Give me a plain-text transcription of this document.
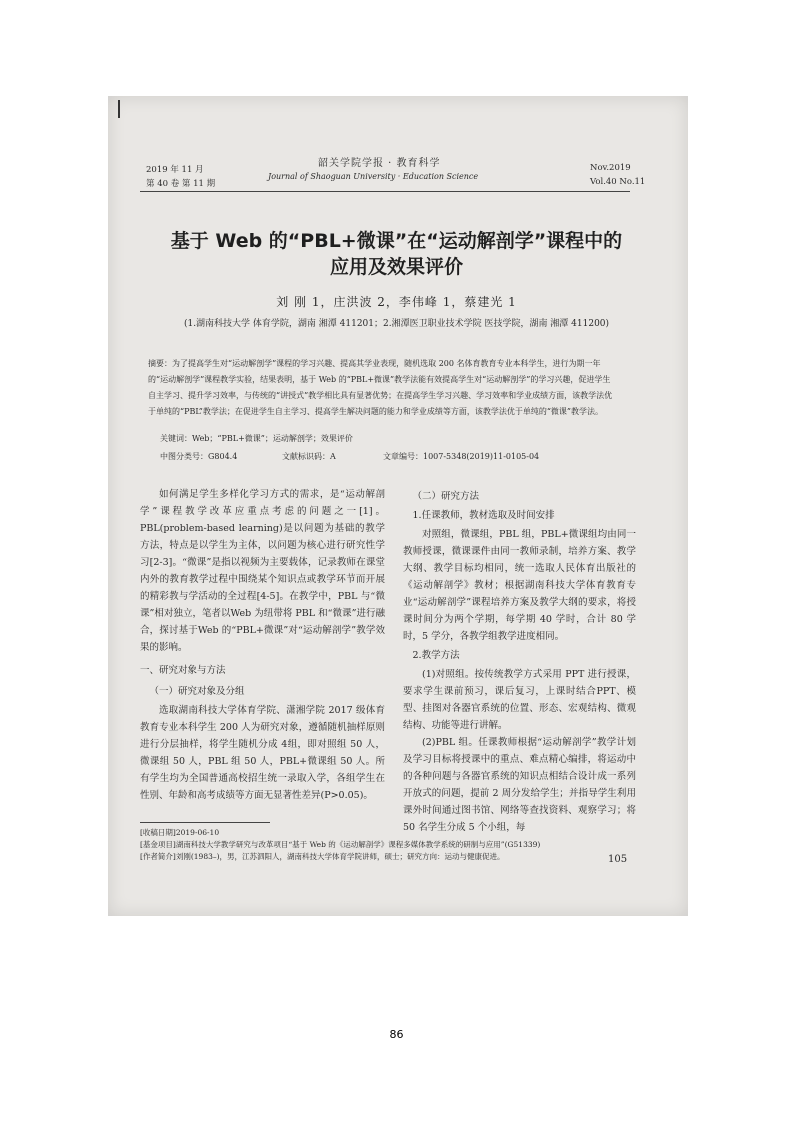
2019 年 11 月
第 40 卷 第 11 期
韶关学院学报 · 教育科学
Journal of Shaoguan University · Education Science
Nov.2019
Vol.40 No.11
基于 Web 的“PBL+微课”在“运动解剖学”课程中的
应用及效果评价
刘 刚 1，庄洪波 2，李伟峰 1，蔡建光 1
(1.湖南科技大学 体育学院，湖南 湘潭 411201；2.湘潭医卫职业技术学院 医技学院，湖南 湘潭 411200)
摘要：为了提高学生对“运动解剖学”课程的学习兴趣、提高其学业表现，随机选取 200 名体育教育专业本科学生，进行为期一年的“运动解剖学”课程教学实验，结果表明，基于 Web 的“PBL+微课”教学法能有效提高学生对“运动解剖学”的学习兴趣，促进学生自主学习、提升学习效率，与传统的“讲授式”教学相比具有显著优势；在提高学生学习兴趣、学习效率和学业成绩方面，该教学法优于单纯的“PBL”教学法；在促进学生自主学习、提高学生解决问题的能力和学业成绩等方面，该教学法优于单纯的“微课”教学法。
关键词：Web；“PBL+微课”；运动解剖学；效果评价
中图分类号：G804.4	文献标识码：A	文章编号：1007-5348(2019)11-0105-04

如何满足学生多样化学习方式的需求，是“运动解剖学”课程教学改革应重点考虑的问题之一[1]。PBL(problem-based learning)是以问题为基础的教学方法，特点是以学生为主体，以问题为核心进行研究性学习[2-3]。“微课”是指以视频为主要载体，记录教师在课堂内外的教育教学过程中围绕某个知识点或教学环节而开展的精彩教与学活动的全过程[4-5]。在教学中，PBL 与“微课”相对独立，笔者以Web 为纽带将 PBL 和“微课”进行融合，探讨基于Web 的“PBL+微课”对“运动解剖学”教学效果的影响。

一、研究对象与方法
（一）研究对象及分组

选取湖南科技大学体育学院、潇湘学院 2017 级体育教育专业本科学生 200 人为研究对象，遵循随机抽样原则进行分层抽样，将学生随机分成 4组，即对照组 50 人，微课组 50 人，PBL 组 50 人，PBL+微课组 50 人。所有学生均为全国普通高校招生统一录取入学，各组学生在性别、年龄和高考成绩等方面无显著性差异(P>0.05)。

（二）研究方法
1.任课教师，教材选取及时间安排

对照组，微课组，PBL 组，PBL+微课组均由同一教师授课，微课课件由同一教师录制，培养方案、教学大纲、教学目标均相同，统一选取人民体育出版社的《运动解剖学》教材；根据湖南科技大学体育教育专业“运动解剖学”课程培养方案及教学大纲的要求，将授课时间分为两个学期，每学期 40 学时，合计 80 学时，5 学分，各教学组教学进度相同。

2.教学方法

(1)对照组。按传统教学方式采用 PPT 进行授课，要求学生课前预习，课后复习，上课时结合PPT、模型、挂图对各器官系统的位置、形态、宏观结构、微观结构、功能等进行讲解。

(2)PBL 组。任课教师根据“运动解剖学”教学计划及学习目标将授课中的重点、难点精心编排，将运动中的各种问题与各器官系统的知识点相结合设计成一系列开放式的问题，提前 2 周分发给学生；并指导学生利用课外时间通过图书馆、网络等查找资料、观察学习；将 50 名学生分成 5 个小组，每

[收稿日期]2019-06-10
[基金项目]湖南科技大学教学研究与改革项目“基于 Web 的《运动解剖学》课程多媒体教学系统的研制与应用”(G51339)
[作者简介]刘刚(1983–)，男，江苏泗阳人，湖南科技大学体育学院讲师，硕士；研究方向：运动与健康促进。	105
86
